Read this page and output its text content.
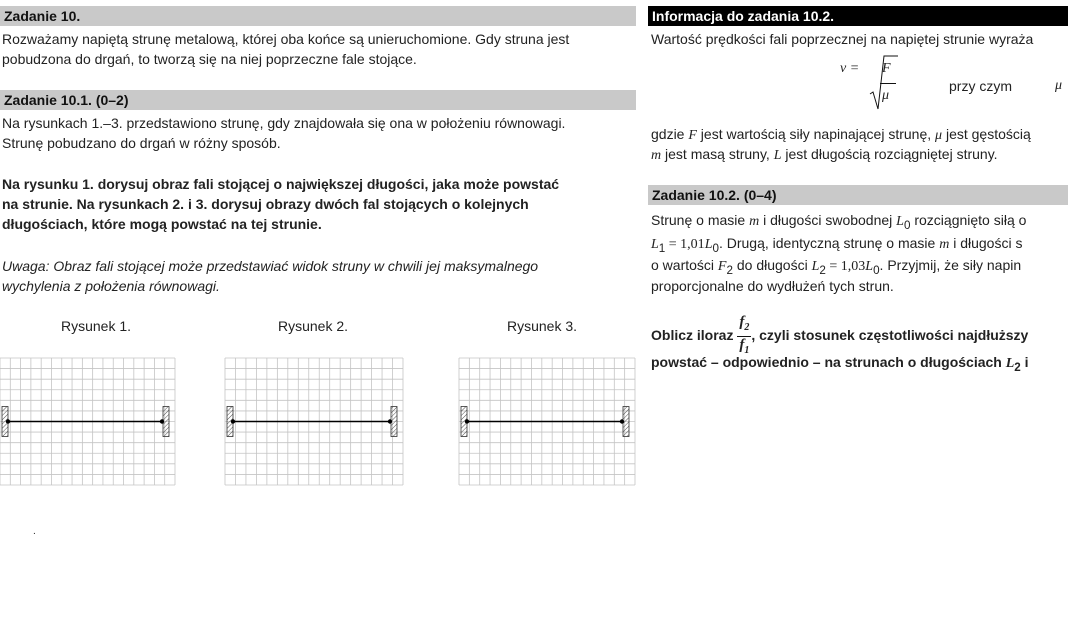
Zadanie 10.
Rozważamy napiętą strunę metalową, której oba końce są unieruchomione. Gdy struna jest
pobudzona do drgań, to tworzą się na niej poprzeczne fale stojące.
Zadanie 10.1. (0–2)
Na rysunkach 1.–3. przedstawiono strunę, gdy znajdowała się ona w położeniu równowagi.
Strunę pobudzano do drgań w różny sposób.
Na rysunku 1. dorysuj obraz fali stojącej o największej długości, jaka może powstać
na strunie. Na rysunkach 2. i 3. dorysuj obrazy dwóch fal stojących o kolejnych
długościach, które mogą powstać na tej strunie.
Uwaga: Obraz fali stojącej może przedstawiać widok struny w chwili jej maksymalnego
wychylenia z położenia równowagi.
Rysunek 1.	Rysunek 2.	Rysunek 3.
.
Informacja do zadania 10.2.
Wartość prędkości fali poprzecznej na napiętej strunie wyraża
v = F
μ
przy czym	μ
gdzie F jest wartością siły napinającej strunę, μ jest gęstością
m jest masą struny, L jest długością rozciągniętej struny.
Zadanie 10.2. (0–4)
Strunę o masie m i długości swobodnej $L_0$ rozciągnięto siłą o
$L_1 = 1,01L_0$. Drugą, identyczną strunę o masie m i długości s
o wartości $F_2$ do długości $L_2 = 1,03L_0$. Przyjmij, że siły napin
proporcjonalne do wydłużeń tych strun.
Oblicz iloraz $\frac{f_2}{f_1}$ , czyli stosunek częstotliwości najdłuższy
powstać – odpowiednio – na strunach o długościach $L_2$ i
